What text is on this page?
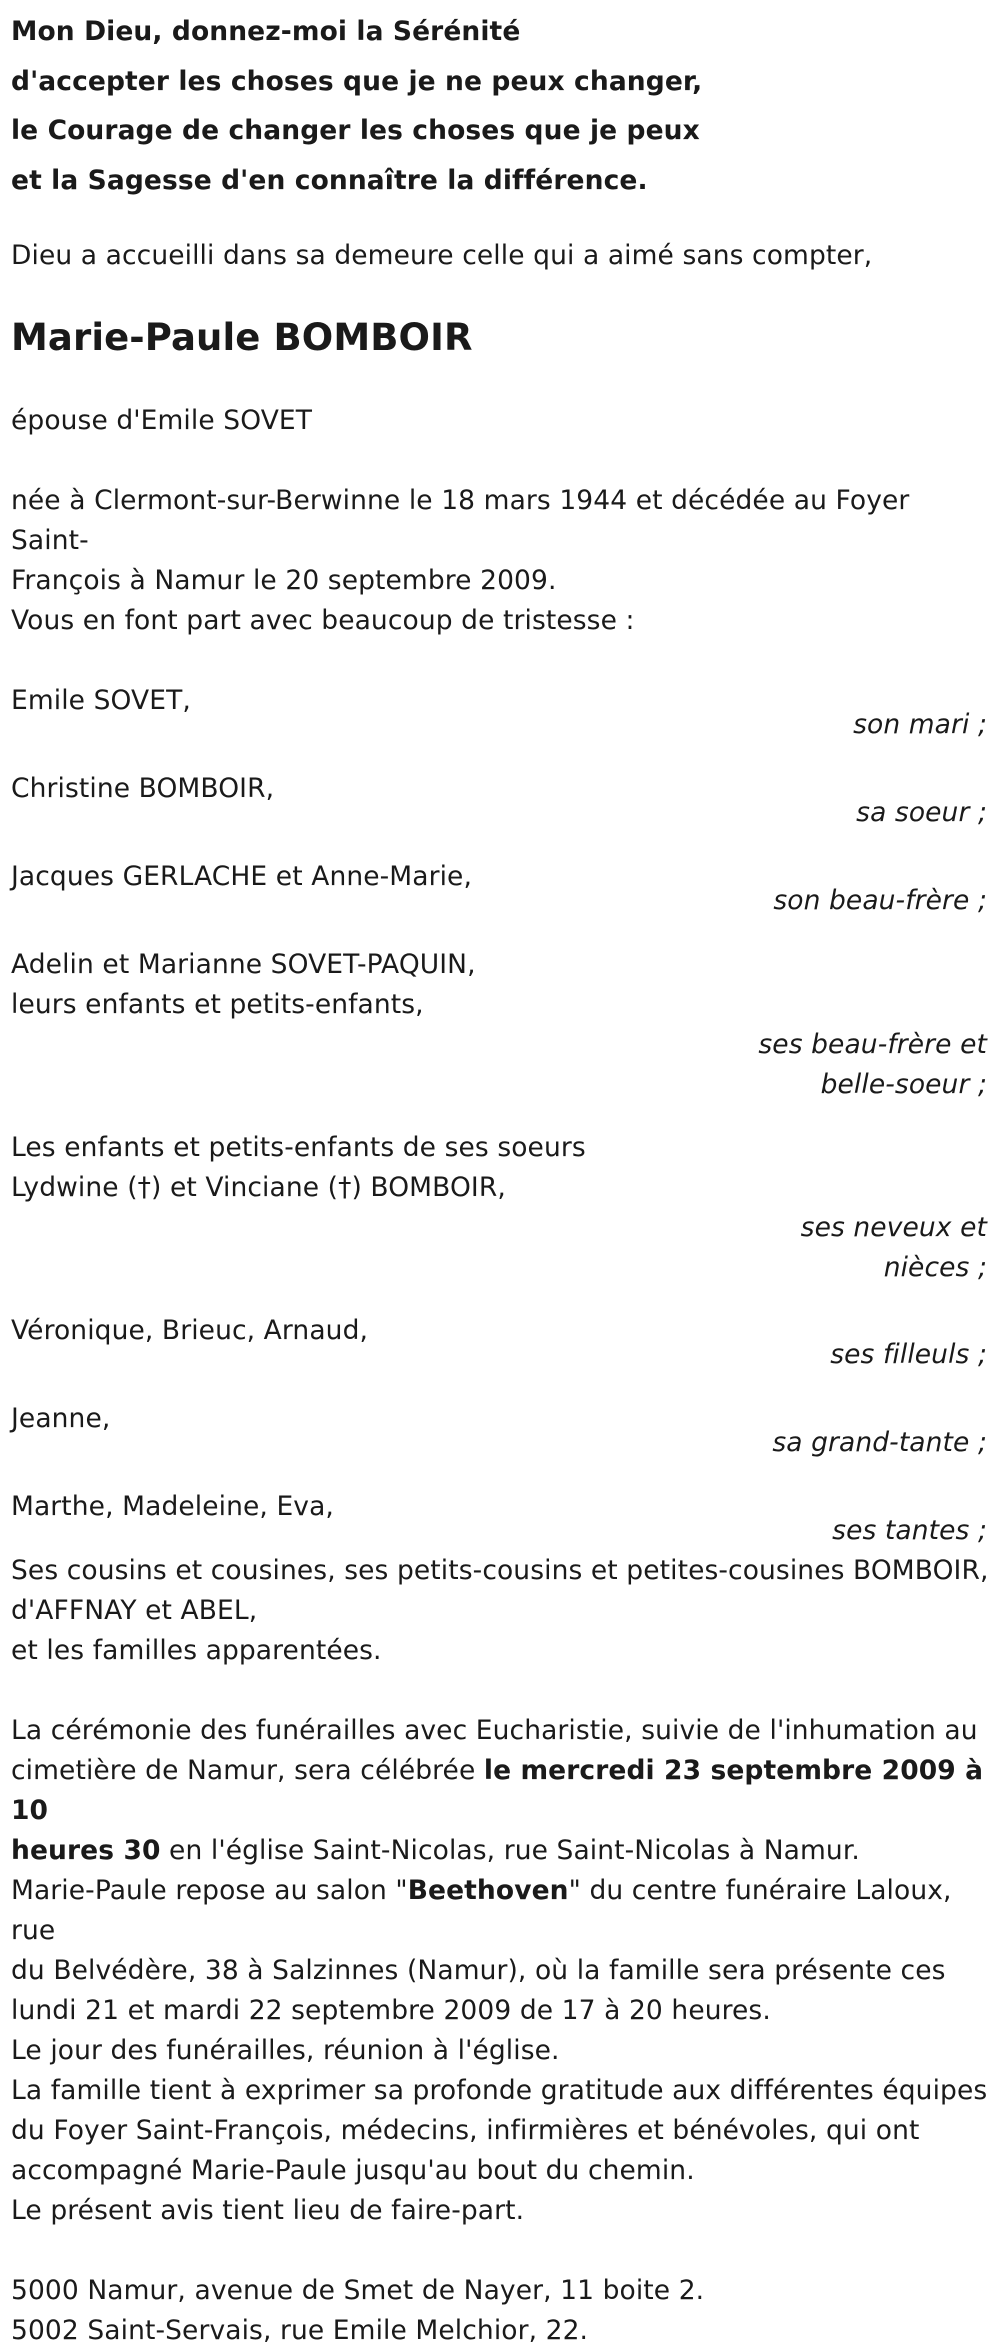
Mon Dieu, donnez-moi la Sérénité

d'accepter les choses que je ne peux changer,

le Courage de changer les choses que je peux

et la Sagesse d'en connaître la différence.

Dieu a accueilli dans sa demeure celle qui a aimé sans compter,

Marie-Paule BOMBOIR

épouse d'Emile SOVET

née à Clermont-sur-Berwinne le 18 mars 1944 et décédée au Foyer Saint-

François à Namur le 20 septembre 2009.

Vous en font part avec beaucoup de tristesse :

Emile SOVET,

son mari ;

Christine BOMBOIR,

sa soeur ;

Jacques GERLACHE et Anne-Marie,

son beau-frère ;

Adelin et Marianne SOVET-PAQUIN,

leurs enfants et petits-enfants,

ses beau-frère et

belle-soeur ;

Les enfants et petits-enfants de ses soeurs

Lydwine (†) et Vinciane (†) BOMBOIR,

ses neveux et

nièces ;

Véronique, Brieuc, Arnaud,

ses filleuls ;

Jeanne,

sa grand-tante ;

Marthe, Madeleine, Eva,

ses tantes ;

Ses cousins et cousines, ses petits-cousins et petites-cousines BOMBOIR,

d'AFFNAY et ABEL,

et les familles apparentées.

La cérémonie des funérailles avec Eucharistie, suivie de l'inhumation au

cimetière de Namur, sera célébrée le mercredi 23 septembre 2009 à 10

heures 30 en l'église Saint-Nicolas, rue Saint-Nicolas à Namur.

Marie-Paule repose au salon "Beethoven" du centre funéraire Laloux, rue

du Belvédère, 38 à Salzinnes (Namur), où la famille sera présente ces

lundi 21 et mardi 22 septembre 2009 de 17 à 20 heures.

Le jour des funérailles, réunion à l'église.

La famille tient à exprimer sa profonde gratitude aux différentes équipes

du Foyer Saint-François, médecins, infirmières et bénévoles, qui ont

accompagné Marie-Paule jusqu'au bout du chemin.

Le présent avis tient lieu de faire-part.

5000 Namur, avenue de Smet de Nayer, 11 boite 2.

5002 Saint-Servais, rue Emile Melchior, 22.
